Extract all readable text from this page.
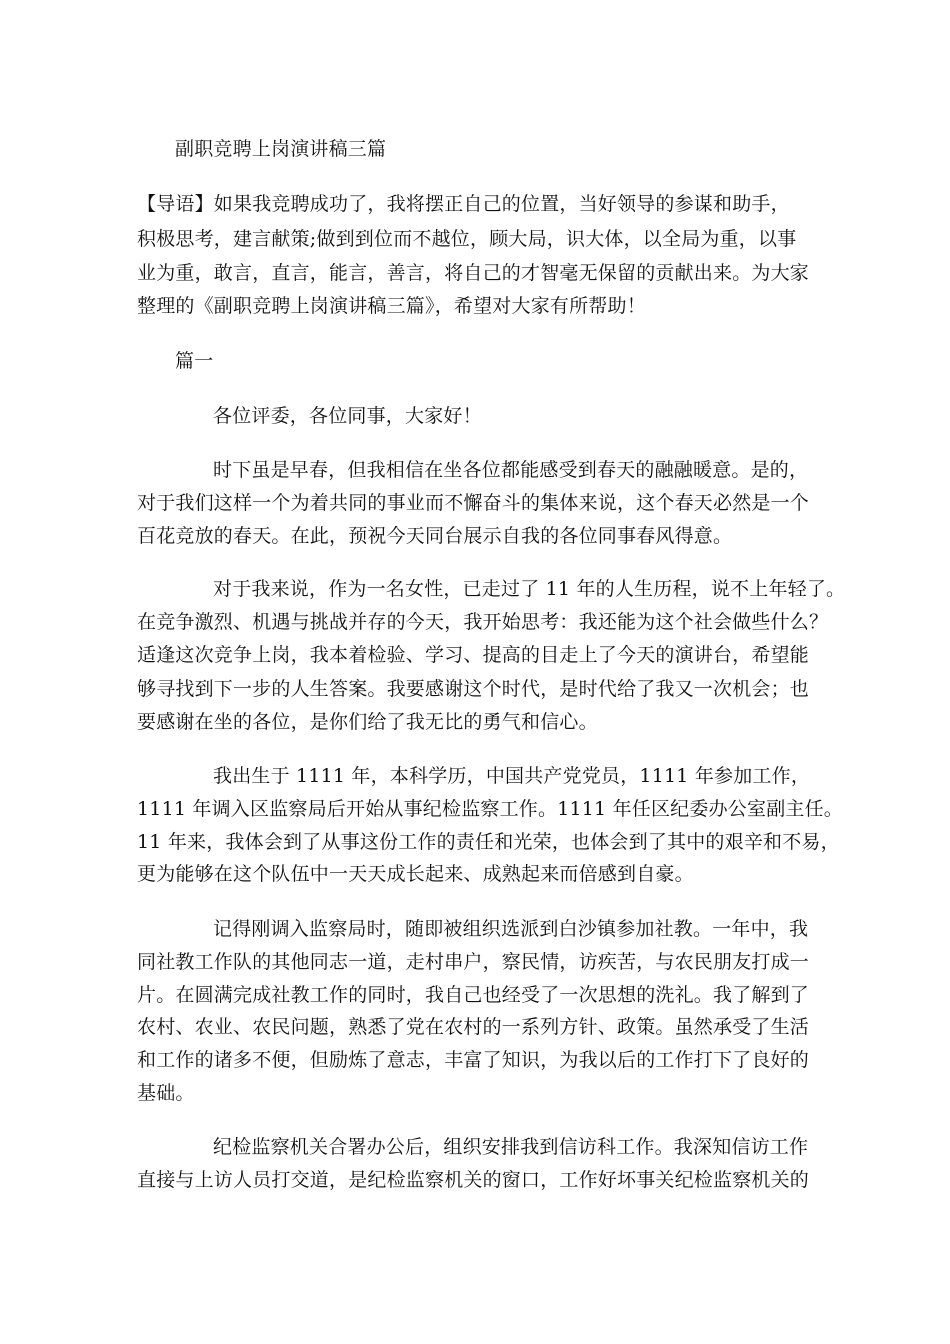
副职竞聘上岗演讲稿三篇
【导语】如果我竞聘成功了，我将摆正自己的位置，当好领导的参谋和助手，
积极思考，建言献策;做到到位而不越位，顾大局，识大体，以全局为重，以事
业为重，敢言，直言，能言，善言，将自己的才智毫无保留的贡献出来。为大家
整理的《副职竞聘上岗演讲稿三篇》，希望对大家有所帮助！
篇一
各位评委，各位同事，大家好！
时下虽是早春，但我相信在坐各位都能感受到春天的融融暖意。是的，
对于我们这样一个为着共同的事业而不懈奋斗的集体来说，这个春天必然是一个
百花竞放的春天。在此，预祝今天同台展示自我的各位同事春风得意。
对于我来说，作为一名女性，已走过了 11 年的人生历程，说不上年轻了。
在竞争激烈、机遇与挑战并存的今天，我开始思考：我还能为这个社会做些什么？
适逢这次竞争上岗，我本着检验、学习、提高的目走上了今天的演讲台，希望能
够寻找到下一步的人生答案。我要感谢这个时代，是时代给了我又一次机会；也
要感谢在坐的各位，是你们给了我无比的勇气和信心。
我出生于 1111 年，本科学历，中国共产党党员，1111 年参加工作，
1111 年调入区监察局后开始从事纪检监察工作。1111 年任区纪委办公室副主任。
11 年来，我体会到了从事这份工作的责任和光荣，也体会到了其中的艰辛和不易，
更为能够在这个队伍中一天天成长起来、成熟起来而倍感到自豪。
记得刚调入监察局时，随即被组织选派到白沙镇参加社教。一年中，我
同社教工作队的其他同志一道，走村串户，察民情，访疾苦，与农民朋友打成一
片。在圆满完成社教工作的同时，我自己也经受了一次思想的洗礼。我了解到了
农村、农业、农民问题，熟悉了党在农村的一系列方针、政策。虽然承受了生活
和工作的诸多不便，但励炼了意志，丰富了知识，为我以后的工作打下了良好的
基础。
纪检监察机关合署办公后，组织安排我到信访科工作。我深知信访工作
直接与上访人员打交道，是纪检监察机关的窗口，工作好坏事关纪检监察机关的
